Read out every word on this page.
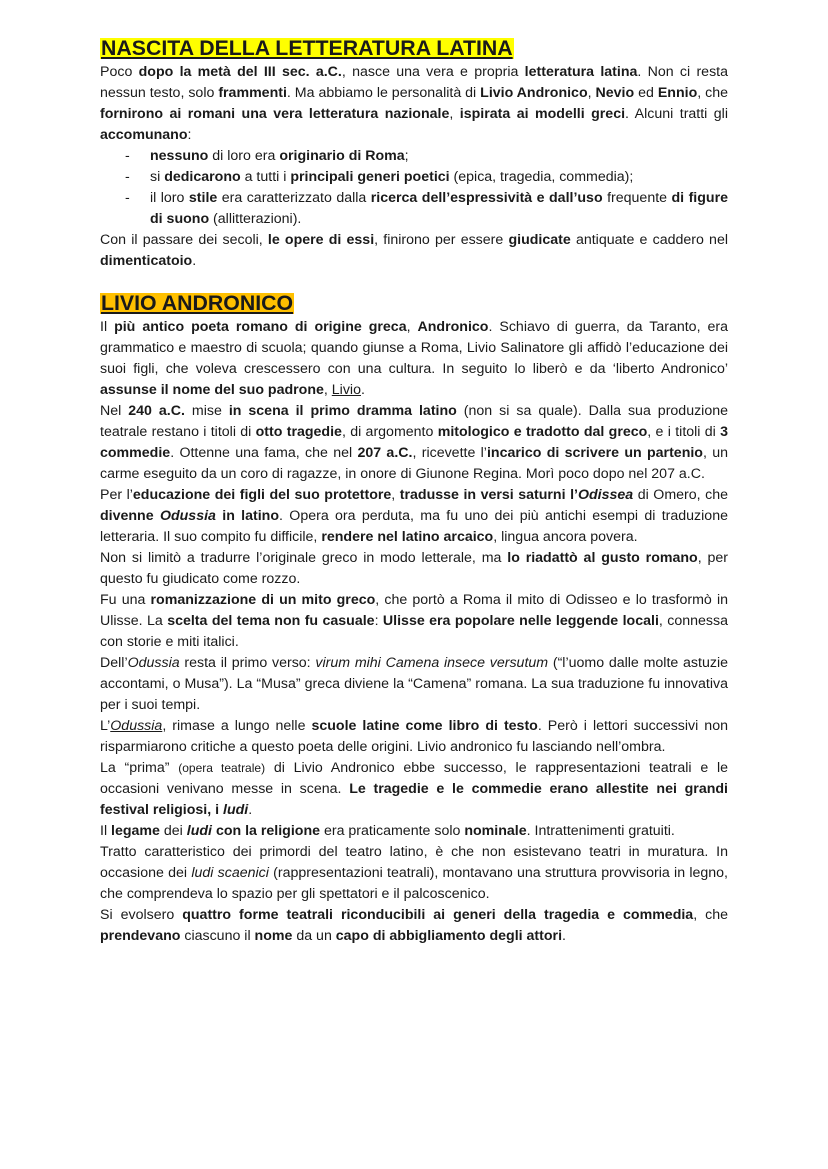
NASCITA DELLA LETTERATURA LATINA

Poco dopo la metà del III sec. a.C., nasce una vera e propria letteratura latina. Non ci resta nessun testo, solo frammenti. Ma abbiamo le personalità di Livio Andronico, Nevio ed Ennio, che fornirono ai romani una vera letteratura nazionale, ispirata ai modelli greci. Alcuni tratti gli accomunano:

- nessuno di loro era originario di Roma;
- si dedicarono a tutti i principali generi poetici (epica, tragedia, commedia);
- il loro stile era caratterizzato dalla ricerca dell’espressività e dall’uso frequente di figure di suono (allitterazioni).

Con il passare dei secoli, le opere di essi, finirono per essere giudicate antiquate e caddero nel dimenticatoio.

LIVIO ANDRONICO

Il più antico poeta romano di origine greca, Andronico. Schiavo di guerra, da Taranto, era grammatico e maestro di scuola; quando giunse a Roma, Livio Salinatore gli affidò l’educazione dei suoi figli, che voleva crescessero con una cultura. In seguito lo liberò e da ‘liberto Andronico’ assunse il nome del suo padrone, Livio.

Nel 240 a.C. mise in scena il primo dramma latino (non si sa quale). Dalla sua produzione teatrale restano i titoli di otto tragedie, di argomento mitologico e tradotto dal greco, e i titoli di 3 commedie. Ottenne una fama, che nel 207 a.C., ricevette l’incarico di scrivere un partenio, un carme eseguito da un coro di ragazze, in onore di Giunone Regina. Morì poco dopo nel 207 a.C.

Per l’educazione dei figli del suo protettore, tradusse in versi saturni l’Odissea di Omero, che divenne Odussia in latino. Opera ora perduta, ma fu uno dei più antichi esempi di traduzione letteraria. Il suo compito fu difficile, rendere nel latino arcaico, lingua ancora povera.

Non si limitò a tradurre l’originale greco in modo letterale, ma lo riadattò al gusto romano, per questo fu giudicato come rozzo.

Fu una romanizzazione di un mito greco, che portò a Roma il mito di Odisseo e lo trasformò in Ulisse. La scelta del tema non fu casuale: Ulisse era popolare nelle leggende locali, connessa con storie e miti italici.

Dell’Odussia resta il primo verso: virum mihi Camena insece versutum (“l’uomo dalle molte astuzie accontami, o Musa”). La “Musa” greca diviene la “Camena” romana. La sua traduzione fu innovativa per i suoi tempi.

L’Odussia, rimase a lungo nelle scuole latine come libro di testo. Però i lettori successivi non risparmiarono critiche a questo poeta delle origini. Livio andronico fu lasciando nell’ombra.

La “prima” (opera teatrale) di Livio Andronico ebbe successo, le rappresentazioni teatrali e le occasioni venivano messe in scena. Le tragedie e le commedie erano allestite nei grandi festival religiosi, i ludi.

Il legame dei ludi con la religione era praticamente solo nominale. Intrattenimenti gratuiti.

Tratto caratteristico dei primordi del teatro latino, è che non esistevano teatri in muratura. In occasione dei ludi scaenici (rappresentazioni teatrali), montavano una struttura provvisoria in legno, che comprendeva lo spazio per gli spettatori e il palcoscenico.

Si evolsero quattro forme teatrali riconducibili ai generi della tragedia e commedia, che prendevano ciascuno il nome da un capo di abbigliamento degli attori.
